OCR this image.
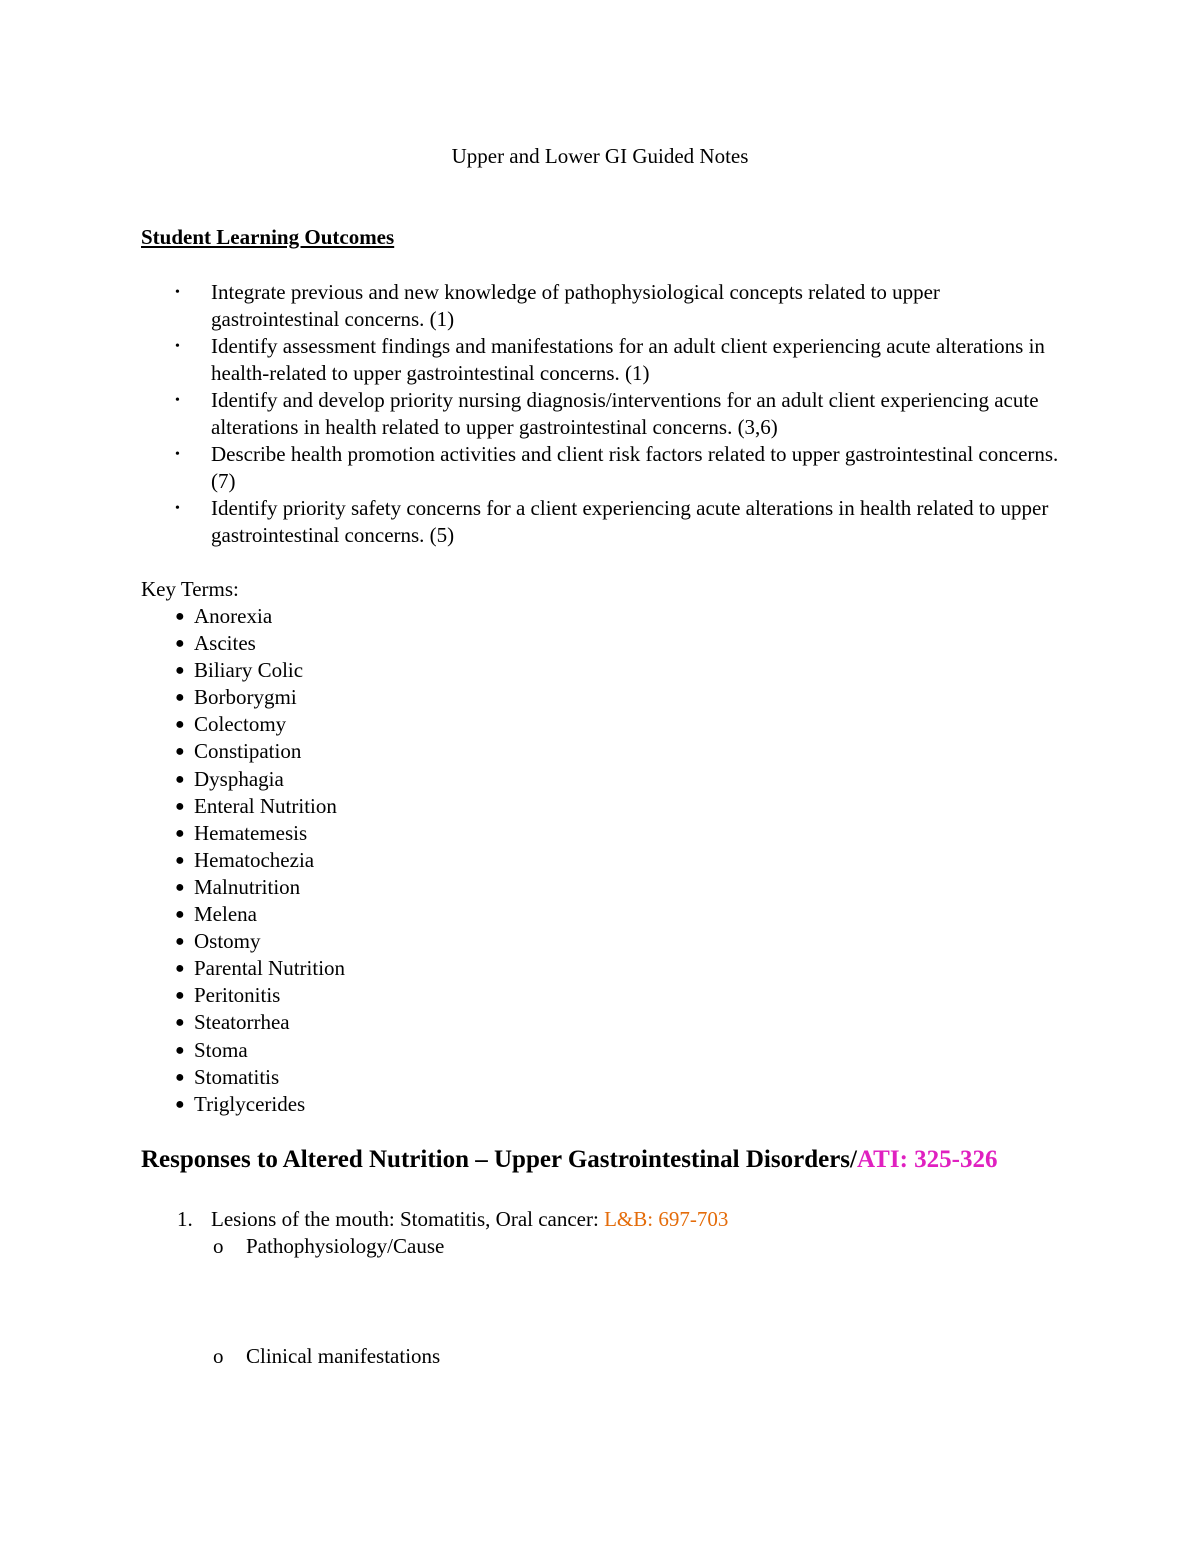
Upper and Lower GI Guided Notes
Student Learning Outcomes
• Integrate previous and new knowledge of pathophysiological concepts related to upper gastrointestinal concerns. (1)
• Identify assessment findings and manifestations for an adult client experiencing acute alterations in health-related to upper gastrointestinal concerns. (1)
• Identify and develop priority nursing diagnosis/interventions for an adult client experiencing acute alterations in health related to upper gastrointestinal concerns. (3,6)
• Describe health promotion activities and client risk factors related to upper gastrointestinal concerns. (7)
• Identify priority safety concerns for a client experiencing acute alterations in health related to upper gastrointestinal concerns. (5)
Key Terms:
● Anorexia
● Ascites
● Biliary Colic
● Borborygmi
● Colectomy
● Constipation
● Dysphagia
● Enteral Nutrition
● Hematemesis
● Hematochezia
● Malnutrition
● Melena
● Ostomy
● Parental Nutrition
● Peritonitis
● Steatorrhea
● Stoma
● Stomatitis
● Triglycerides
Responses to Altered Nutrition – Upper Gastrointestinal Disorders/ATI: 325-326
1. Lesions of the mouth: Stomatitis, Oral cancer: L&B: 697-703
o Pathophysiology/Cause
o Clinical manifestations
